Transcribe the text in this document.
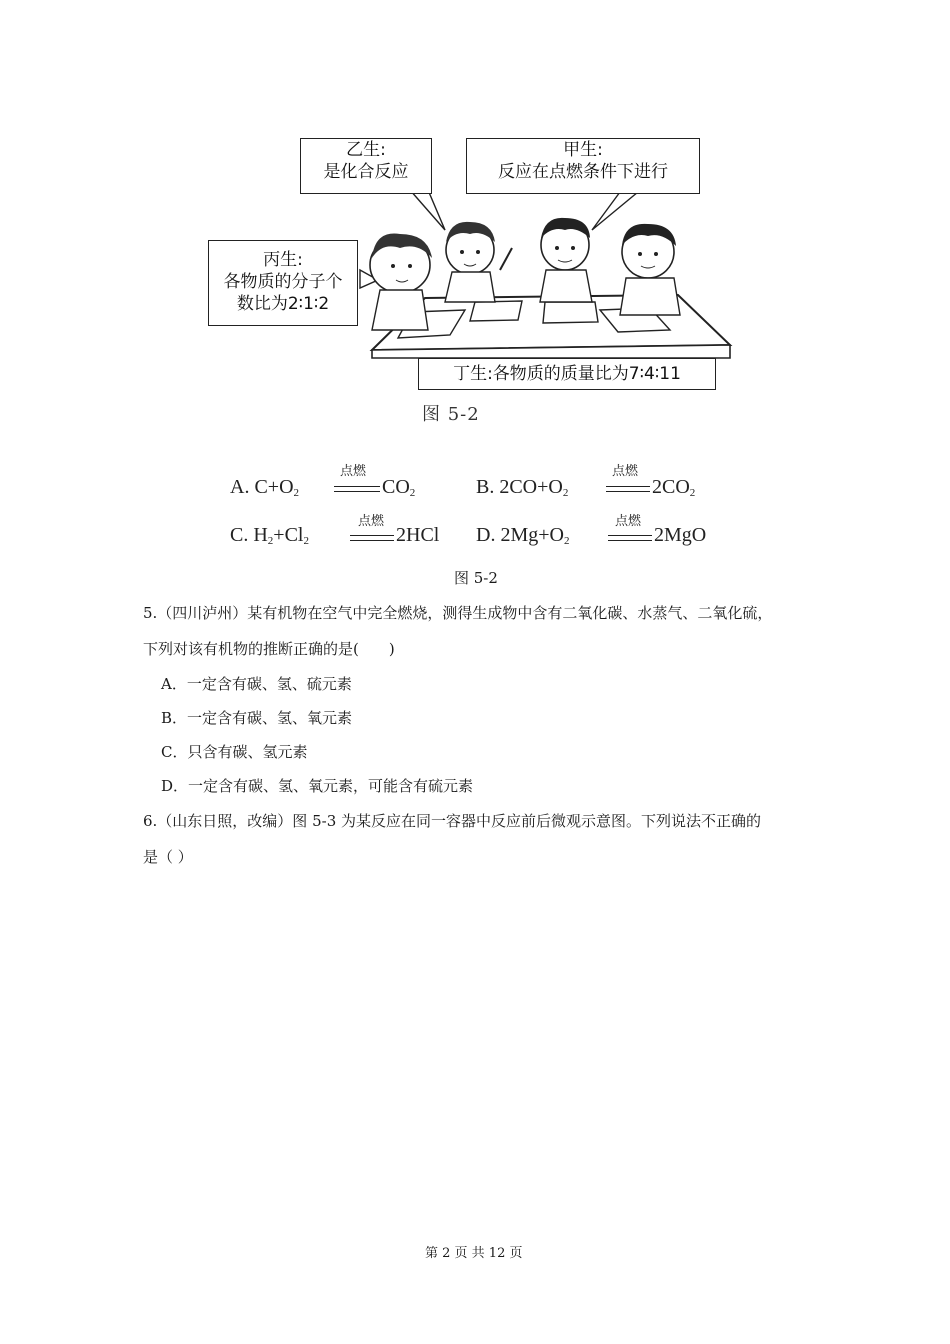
乙生:
是化合反应
甲生:
反应在点燃条件下进行
丙生:
各物质的分子个
数比为2∶1∶2
丁生:各物质的质量比为7∶4∶11
图 5-2
A. $C+O_2$
点燃
$CO_2$	B. $2CO+O_2$
点燃
$2CO_2$
C. $H_2+Cl_2$
点燃
2HCl D. $2Mg+O_2$
点燃
2MgO
图 5-2
5.（四川泸州）某有机物在空气中完全燃烧，测得生成物中含有二氧化碳、水蒸气、二氧化硫，
下列对该有机物的推断正确的是(　　)
A．一定含有碳、氢、硫元素
B．一定含有碳、氢、氧元素
C．只含有碳、氢元素
D．一定含有碳、氢、氧元素，可能含有硫元素
6.（山东日照，改编）图 5-3 为某反应在同一容器中反应前后微观示意图。下列说法不正确的
是（ ）
第 2 页 共 12 页
